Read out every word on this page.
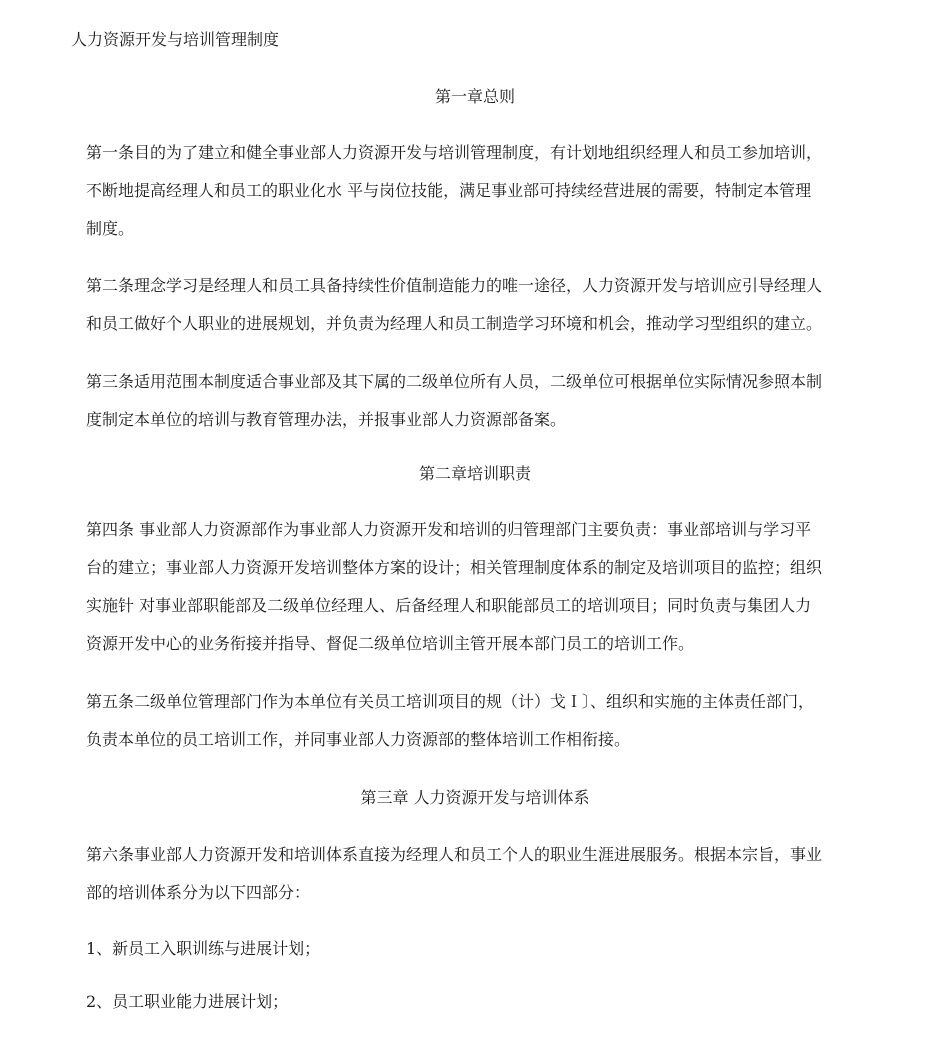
人力资源开发与培训管理制度
第一章总则
第一条目的为了建立和健全事业部人力资源开发与培训管理制度，有计划地组织经理人和员工参加培训，
不断地提高经理人和员工的职业化水 平与岗位技能，满足事业部可持续经营进展的需要，特制定本管理
制度。
第二条理念学习是经理人和员工具备持续性价值制造能力的唯一途径，人力资源开发与培训应引导经理人
和员工做好个人职业的进展规划，并负责为经理人和员工制造学习环境和机会，推动学习型组织的建立。
第三条适用范围本制度适合事业部及其下属的二级单位所有人员，二级单位可根据单位实际情况参照本制
度制定本单位的培训与教育管理办法，并报事业部人力资源部备案。
第二章培训职责
第四条 事业部人力资源部作为事业部人力资源开发和培训的归管理部门主要负责：事业部培训与学习平
台的建立；事业部人力资源开发培训整体方案的设计；相关管理制度体系的制定及培训项目的监控；组织
实施针 对事业部职能部及二级单位经理人、后备经理人和职能部员工的培训项目；同时负责与集团人力
资源开发中心的业务衔接并指导、督促二级单位培训主管开展本部门员工的培训工作。
第五条二级单位管理部门作为本单位有关员工培训项目的规（计）戈Ｉ〕、组织和实施的主体责任部门，
负责本单位的员工培训工作，并同事业部人力资源部的整体培训工作相衔接。
第三章 人力资源开发与培训体系
第六条事业部人力资源开发和培训体系直接为经理人和员工个人的职业生涯进展服务。根据本宗旨，事业
部的培训体系分为以下四部分：
1、新员工入职训练与进展计划；
2、员工职业能力进展计划；
